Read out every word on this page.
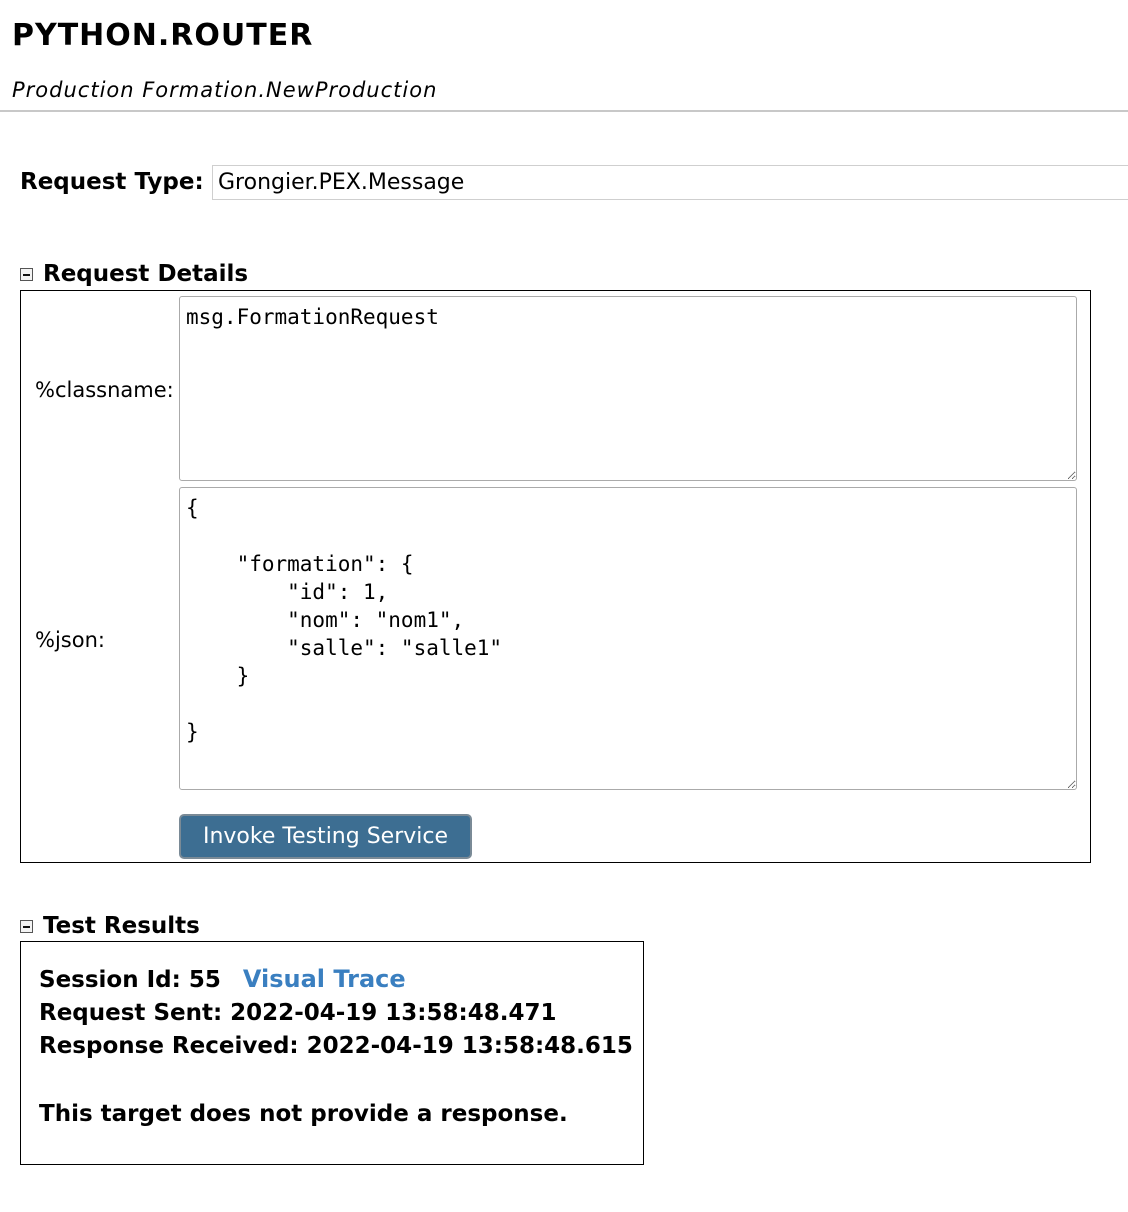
PYTHON.ROUTER
Production Formation.NewProduction
Request Type:
Grongier.PEX.Message
Request Details
%classname:
msg.FormationRequest
%json:
{ "formation": { "id": 1, "nom": "nom1", "salle": "salle1" } }
Invoke Testing Service
Test Results
Session Id: 55 Visual Trace
Request Sent: 2022-04-19 13:58:48.471
Response Received: 2022-04-19 13:58:48.615
This target does not provide a response.
